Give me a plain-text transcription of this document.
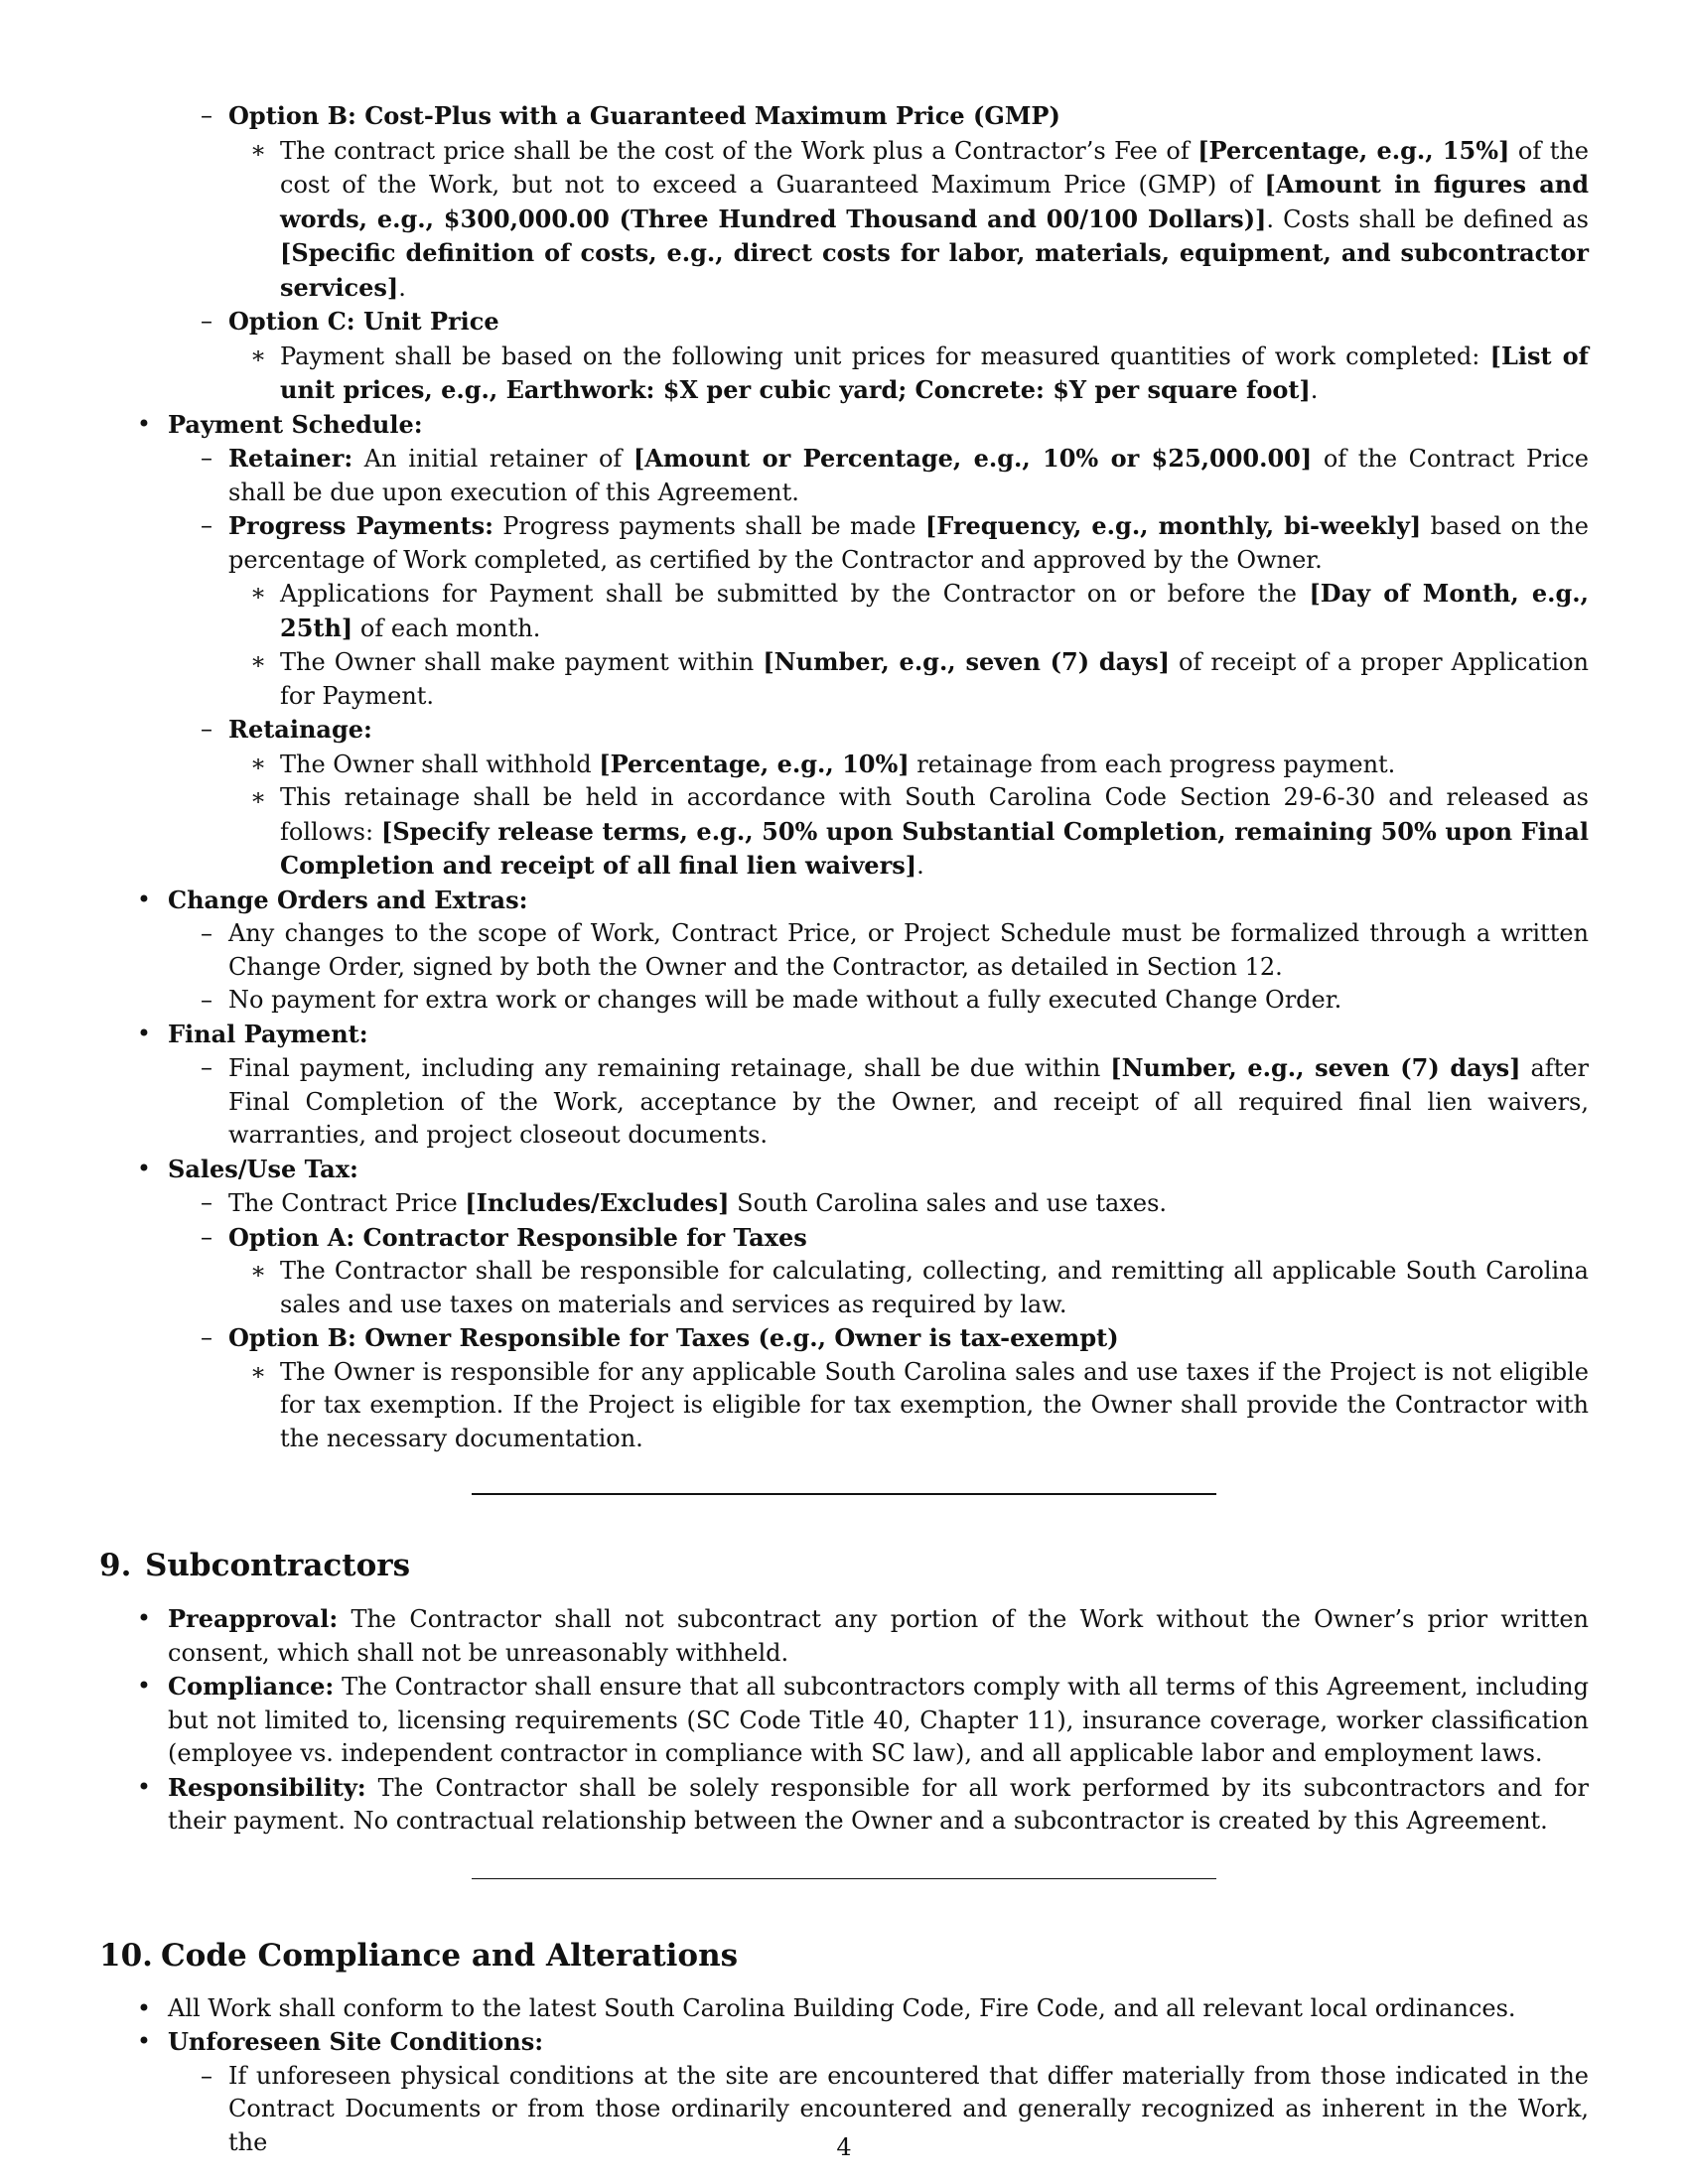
– Option B: Cost-Plus with a Guaranteed Maximum Price (GMP)
∗ The contract price shall be the cost of the Work plus a Contractor’s Fee of [Percentage, e.g., 15%] of the cost of the Work, but not to exceed a Guaranteed Maximum Price (GMP) of [Amount in figures and words, e.g., $300,000.00 (Three Hundred Thousand and 00/100 Dollars)]. Costs shall be defined as [Specific definition of costs, e.g., direct costs for labor, materials, equipment, and subcontractor services].
– Option C: Unit Price
∗ Payment shall be based on the following unit prices for measured quantities of work completed: [List of unit prices, e.g., Earthwork: $X per cubic yard; Concrete: $Y per square foot].
• Payment Schedule:
– Retainer: An initial retainer of [Amount or Percentage, e.g., 10% or $25,000.00] of the Contract Price shall be due upon execution of this Agreement.
– Progress Payments: Progress payments shall be made [Frequency, e.g., monthly, bi-weekly] based on the percentage of Work completed, as certified by the Contractor and approved by the Owner.
∗ Applications for Payment shall be submitted by the Contractor on or before the [Day of Month, e.g., 25th] of each month.
∗ The Owner shall make payment within [Number, e.g., seven (7) days] of receipt of a proper Application for Payment.
– Retainage:
∗ The Owner shall withhold [Percentage, e.g., 10%] retainage from each progress payment.
∗ This retainage shall be held in accordance with South Carolina Code Section 29-6-30 and released as follows: [Specify release terms, e.g., 50% upon Substantial Completion, remaining 50% upon Final Completion and receipt of all final lien waivers].
• Change Orders and Extras:
– Any changes to the scope of Work, Contract Price, or Project Schedule must be formalized through a written Change Order, signed by both the Owner and the Contractor, as detailed in Section 12.
– No payment for extra work or changes will be made without a fully executed Change Order.
• Final Payment:
– Final payment, including any remaining retainage, shall be due within [Number, e.g., seven (7) days] after Final Completion of the Work, acceptance by the Owner, and receipt of all required final lien waivers, warranties, and project closeout documents.
• Sales/Use Tax:
– The Contract Price [Includes/Excludes] South Carolina sales and use taxes.
– Option A: Contractor Responsible for Taxes
∗ The Contractor shall be responsible for calculating, collecting, and remitting all applicable South Carolina sales and use taxes on materials and services as required by law.
– Option B: Owner Responsible for Taxes (e.g., Owner is tax-exempt)
∗ The Owner is responsible for any applicable South Carolina sales and use taxes if the Project is not eligible for tax exemption. If the Project is eligible for tax exemption, the Owner shall provide the Contractor with the necessary documentation.
9. Subcontractors
• Preapproval: The Contractor shall not subcontract any portion of the Work without the Owner’s prior written consent, which shall not be unreasonably withheld.
• Compliance: The Contractor shall ensure that all subcontractors comply with all terms of this Agreement, including but not limited to, licensing requirements (SC Code Title 40, Chapter 11), insurance coverage, worker classification (employee vs. independent contractor in compliance with SC law), and all applicable labor and employment laws.
• Responsibility: The Contractor shall be solely responsible for all work performed by its subcontractors and for their payment. No contractual relationship between the Owner and a subcontractor is created by this Agreement.
10. Code Compliance and Alterations
• All Work shall conform to the latest South Carolina Building Code, Fire Code, and all relevant local ordinances.
• Unforeseen Site Conditions:
– If unforeseen physical conditions at the site are encountered that differ materially from those indicated in the Contract Documents or from those ordinarily encountered and generally recognized as inherent in the Work, the	4
